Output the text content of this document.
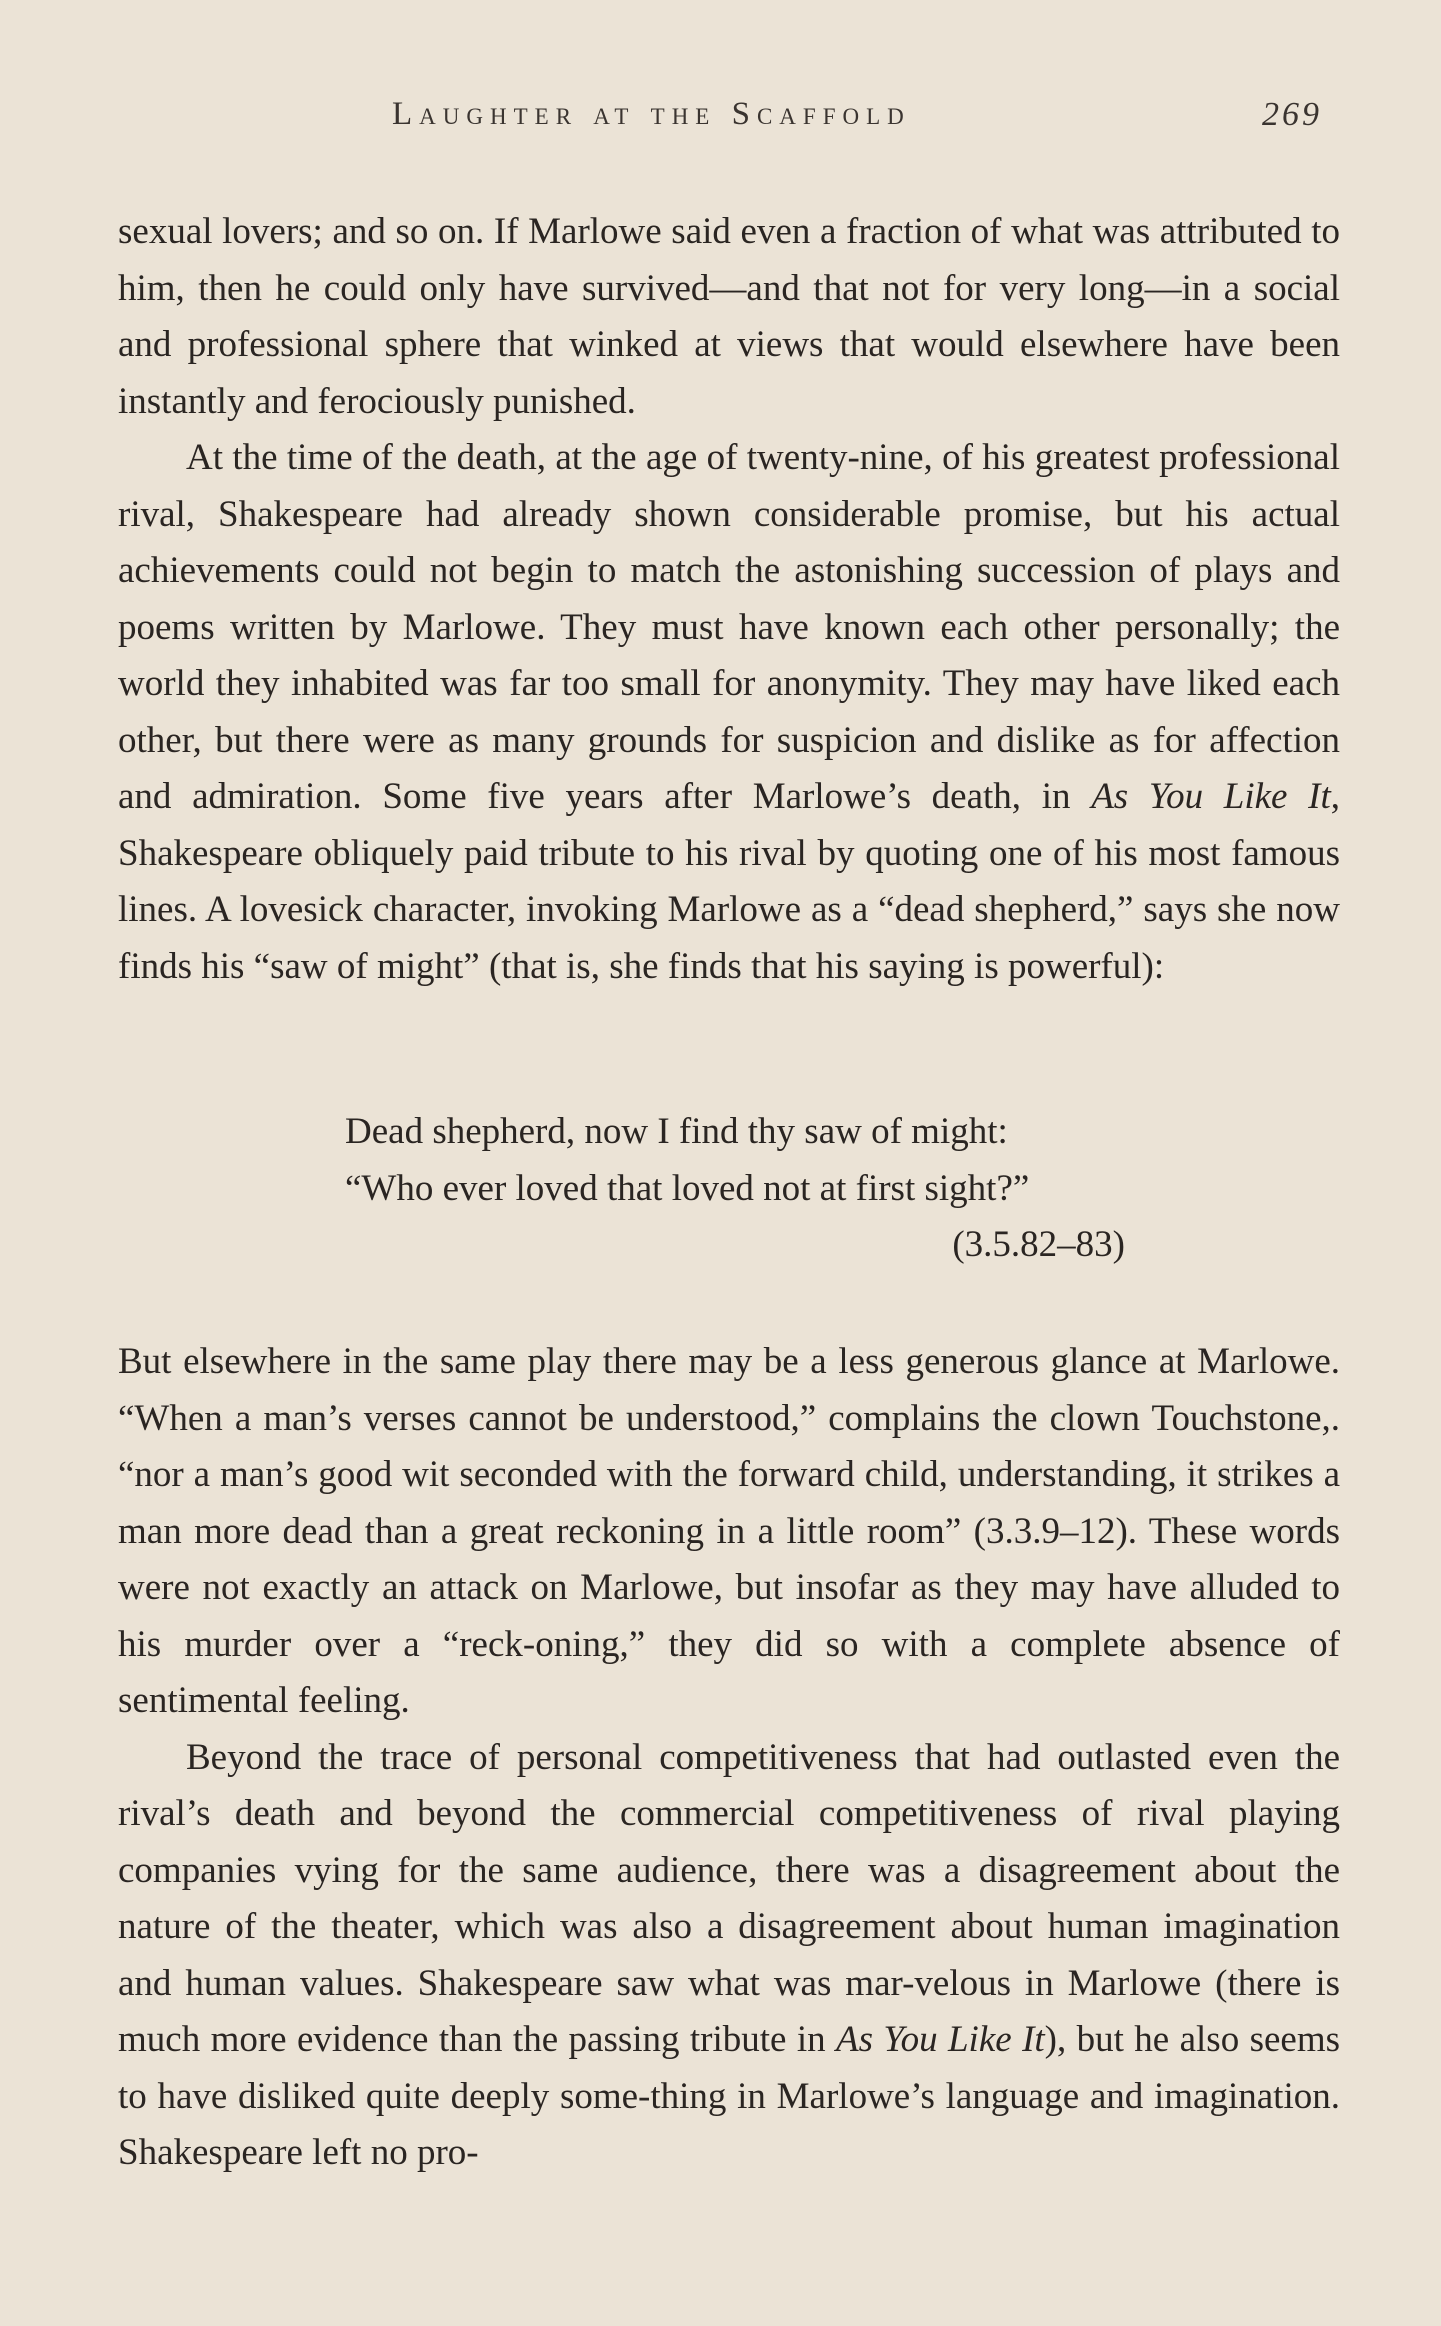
Laughter at the Scaffold	269

sexual lovers; and so on. If Marlowe said even a fraction of what was attributed to him, then he could only have survived—and that not for very long—in a social and professional sphere that winked at views that would elsewhere have been instantly and ferociously punished.

At the time of the death, at the age of twenty-nine, of his greatest professional rival, Shakespeare had already shown considerable promise, but his actual achievements could not begin to match the astonishing succession of plays and poems written by Marlowe. They must have known each other personally; the world they inhabited was far too small for anonymity. They may have liked each other, but there were as many grounds for suspicion and dislike as for affection and admiration. Some five years after Marlowe’s death, in As You Like It, Shakespeare obliquely paid tribute to his rival by quoting one of his most famous lines. A lovesick character, invoking Marlowe as a “dead shepherd,” says she now finds his “saw of might” (that is, she finds that his saying is powerful):

Dead shepherd, now I find thy saw of might:
“Who ever loved that loved not at first sight?”
(3.5.82–83)

But elsewhere in the same play there may be a less generous glance at Marlowe. “When a man’s verses cannot be understood,” complains the clown Touchstone,. “nor a man’s good wit seconded with the forward child, understanding, it strikes a man more dead than a great reckoning in a little room” (3.3.9–12). These words were not exactly an attack on Marlowe, but insofar as they may have alluded to his murder over a “reck-oning,” they did so with a complete absence of sentimental feeling.

Beyond the trace of personal competitiveness that had outlasted even the rival’s death and beyond the commercial competitiveness of rival playing companies vying for the same audience, there was a disagreement about the nature of the theater, which was also a disagreement about human imagination and human values. Shakespeare saw what was mar-velous in Marlowe (there is much more evidence than the passing tribute in As You Like It), but he also seems to have disliked quite deeply some-thing in Marlowe’s language and imagination. Shakespeare left no pro-
